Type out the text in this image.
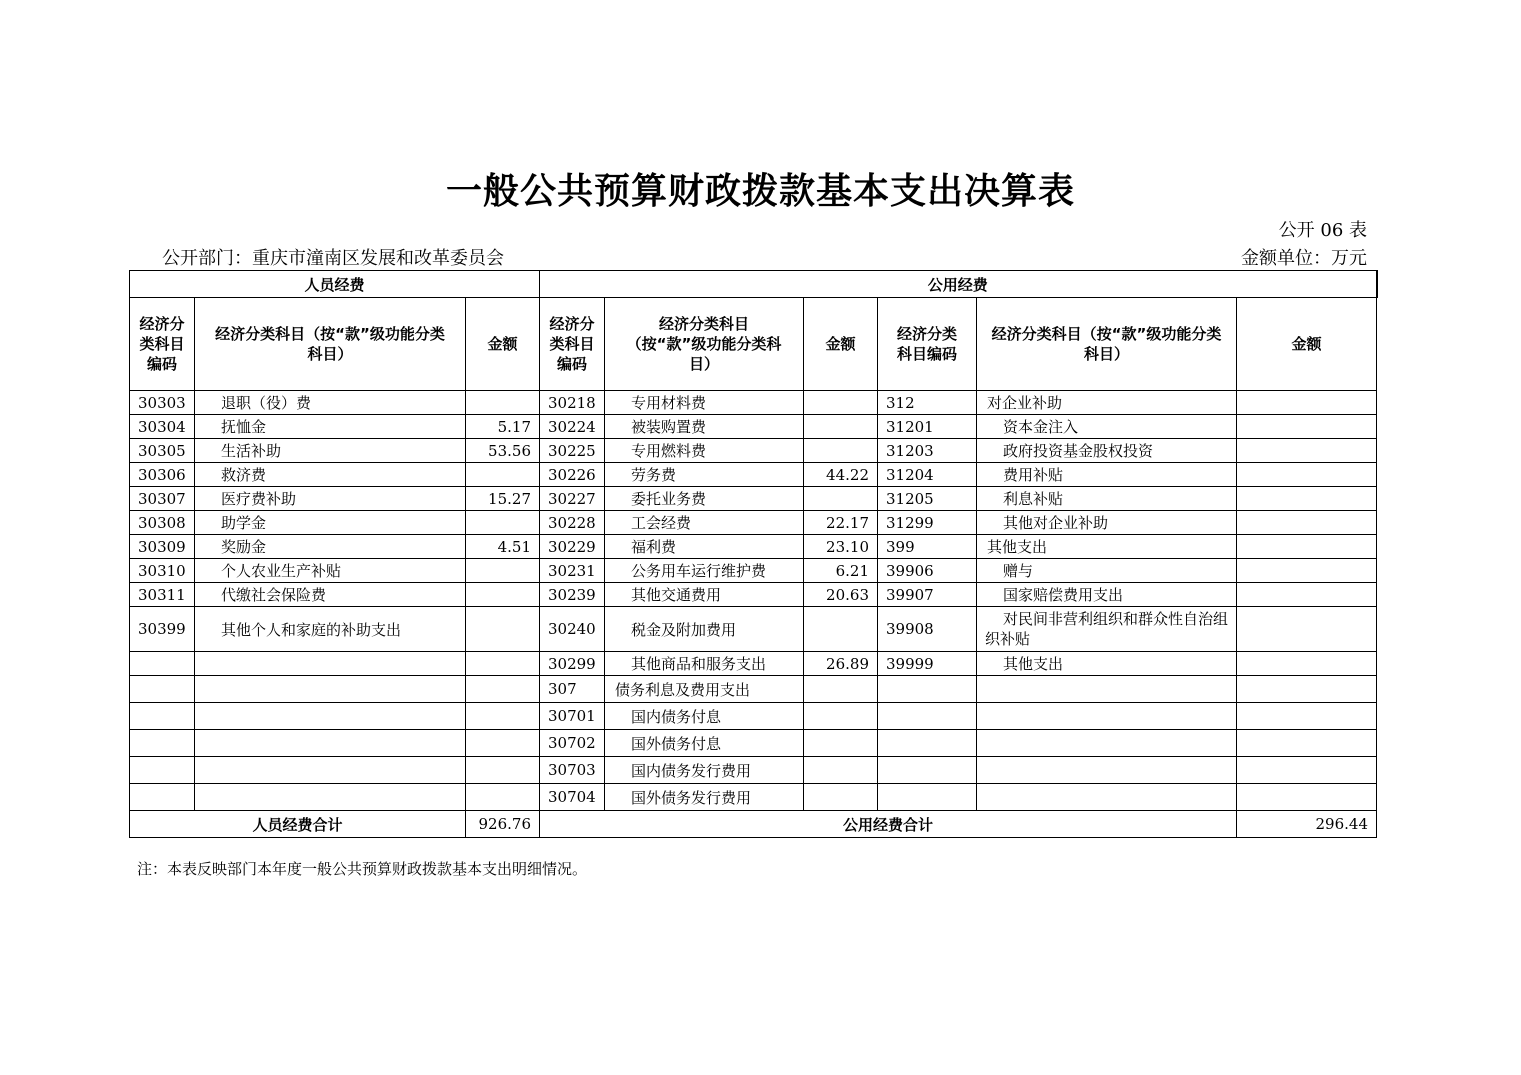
一般公共预算财政拨款基本支出决算表
公开 06 表
公开部门：重庆市潼南区发展和改革委员会	金额单位：万元
人员经费			公用经费					
经济分类科目编码	经济分类科目（按“款”级功能分类科目）	金额	经济分类科目编码	经济分类科目（按“款”级功能分类科目）	金额	经济分类科目编码	经济分类科目（按“款”级功能分类科目）	金额
30303	退职（役）费		30218	专用材料费		312	对企业补助	
30304	抚恤金	5.17	30224	被装购置费		31201	资本金注入	
30305	生活补助	53.56	30225	专用燃料费		31203	政府投资基金股权投资	
30306	救济费		30226	劳务费	44.22	31204	费用补贴	
30307	医疗费补助	15.27	30227	委托业务费		31205	利息补贴	
30308	助学金		30228	工会经费	22.17	31299	其他对企业补助	
30309	奖励金	4.51	30229	福利费	23.10	399	其他支出	
30310	个人农业生产补贴		30231	公务用车运行维护费	6.21	39906	赠与	
30311	代缴社会保险费		30239	其他交通费用	20.63	39907	国家赔偿费用支出	
30399	其他个人和家庭的补助支出		30240	税金及附加费用		39908	对民间非营利组织和群众性自治组织补贴	
			30299	其他商品和服务支出	26.89	39999	其他支出	
			307	债务利息及费用支出				
			30701	国内债务付息				
			30702	国外债务付息				
			30703	国内债务发行费用				
			30704	国外债务发行费用				
人员经费合计		926.76	公用经费合计					296.44
注：本表反映部门本年度一般公共预算财政拨款基本支出明细情况。
